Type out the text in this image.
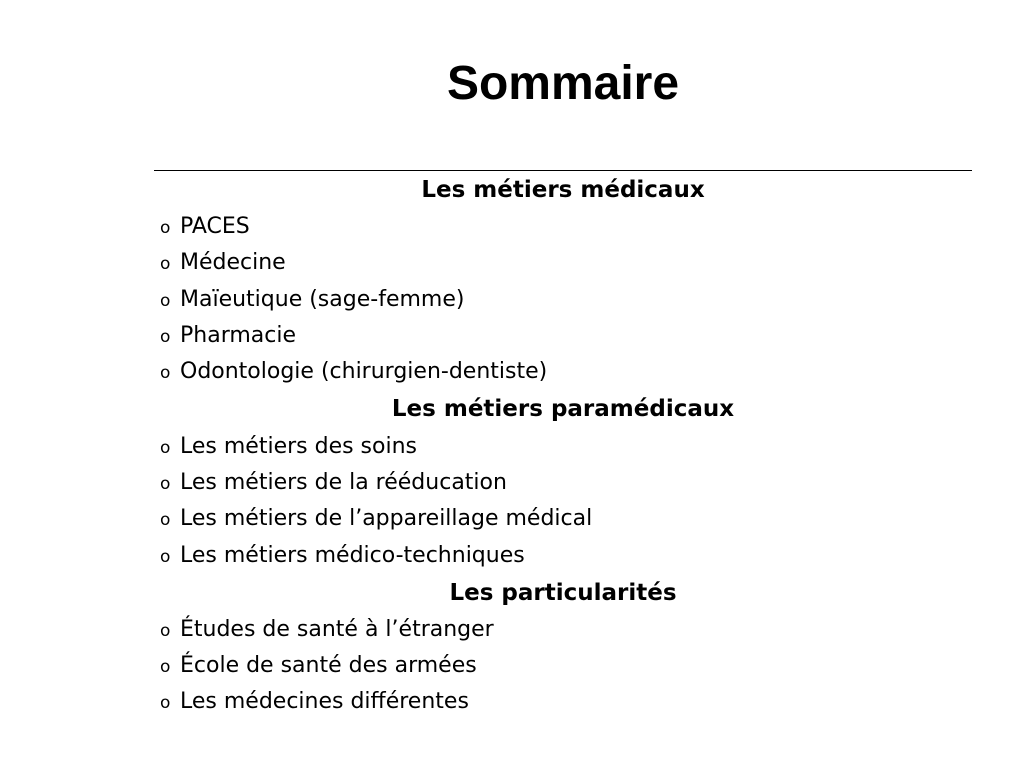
Sommaire
Les métiers médicaux
o PACES
o Médecine
o Maïeutique (sage-femme)
o Pharmacie
o Odontologie (chirurgien-dentiste)
Les métiers paramédicaux
o Les métiers des soins
o Les métiers de la rééducation
o Les métiers de l’appareillage médical
o Les métiers médico-techniques
Les particularités
o Études de santé à l’étranger
o École de santé des armées
o Les médecines différentes
